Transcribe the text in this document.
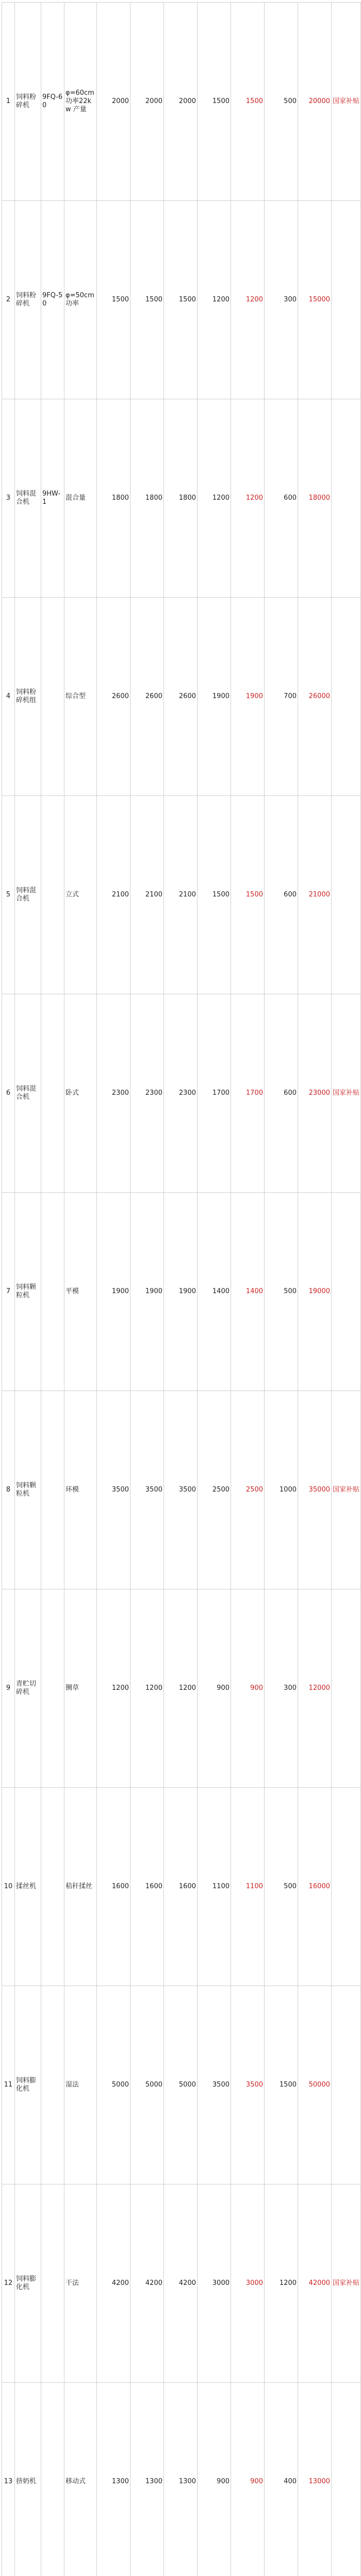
1	饲料粉碎机	9FQ-60	φ=60cm 功率22kw 产量	2000	2000	2000	1500	1500	500	20000	国家补贴
2	饲料粉碎机	9FQ-50	φ=50cm 功率	1500	1500	1500	1200	1200	300	15000	
3	饲料混合机	9HW-1	混合量	1800	1800	1800	1200	1200	600	18000	
4	饲料粉碎机组		综合型	2600	2600	2600	1900	1900	700	26000	
5	饲料混合机		立式	2100	2100	2100	1500	1500	600	21000	
6	饲料混合机		卧式	2300	2300	2300	1700	1700	600	23000	国家补贴
7	饲料颗粒机		平模	1900	1900	1900	1400	1400	500	19000	
8	饲料颗粒机		环模	3500	3500	3500	2500	2500	1000	35000	国家补贴
9	青贮切碎机		铡草	1200	1200	1200	900	900	300	12000	
10	揉丝机		秸秆揉丝	1600	1600	1600	1100	1100	500	16000	
11	饲料膨化机		湿法	5000	5000	5000	3500	3500	1500	50000	
12	饲料膨化机		干法	4200	4200	4200	3000	3000	1200	42000	国家补贴
13	挤奶机		移动式	1300	1300	1300	900	900	400	13000	
